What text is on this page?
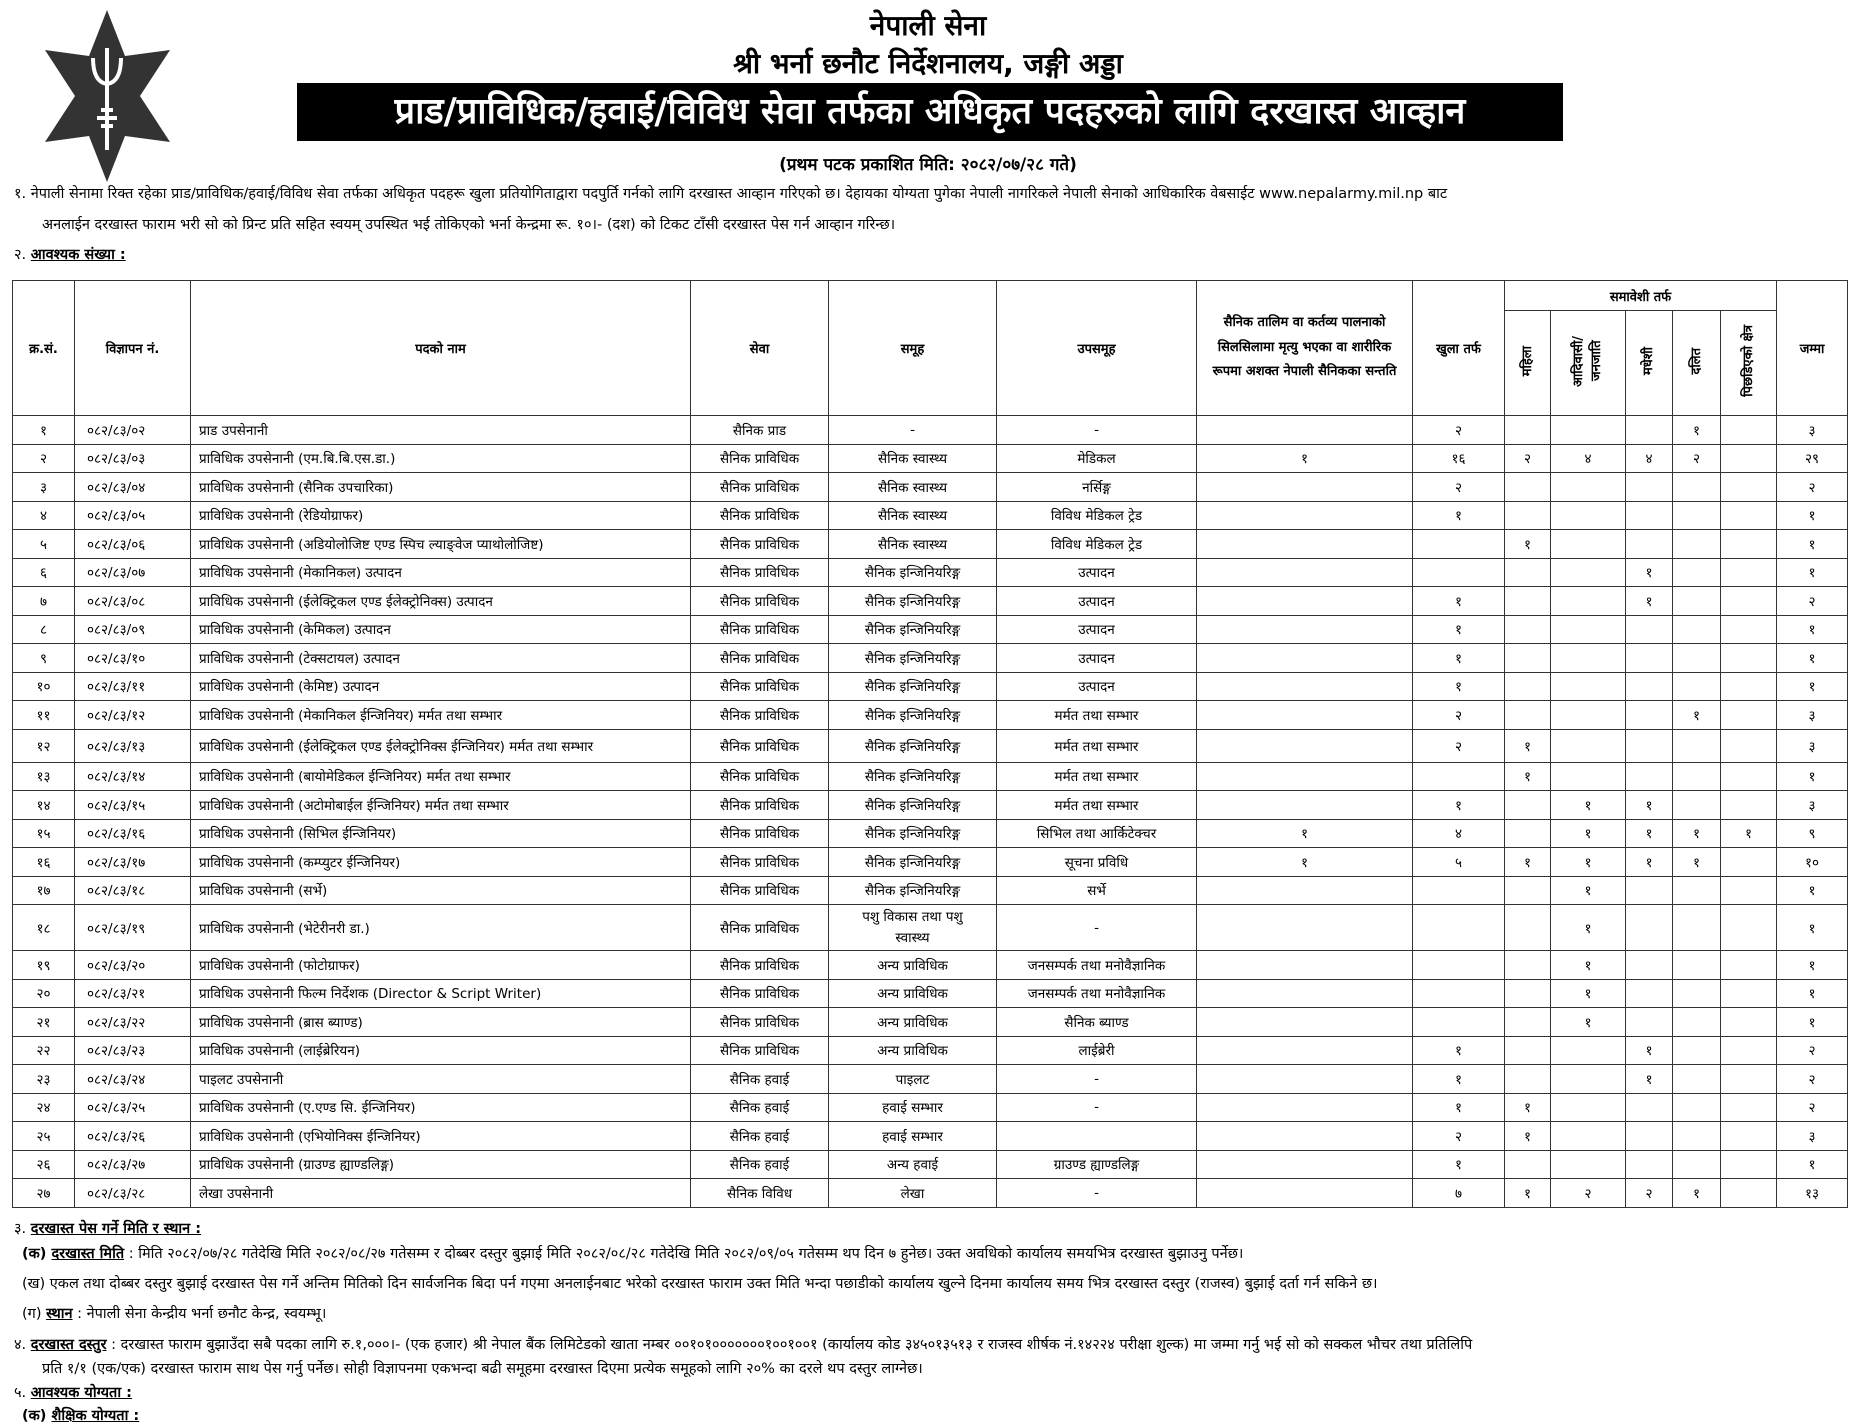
नेपाली सेना
श्री भर्ना छनौट निर्देशनालय, जङ्गी अड्डा
प्राड/प्राविधिक/हवाई/विविध सेवा तर्फका अधिकृत पदहरुको लागि दरखास्त आव्हान
(प्रथम पटक प्रकाशित मिति: २०८२/०७/२८ गते)
१. नेपाली सेनामा रिक्त रहेका प्राड/प्राविधिक/हवाई/विविध सेवा तर्फका अधिकृत पदहरू खुला प्रतियोगिताद्वारा पदपुर्ति गर्नको लागि दरखास्त आव्हान गरिएको छ। देहायका योग्यता पुगेका नेपाली नागरिकले नेपाली सेनाको आधिकारिक वेबसाईट www.nepalarmy.mil.np बाट
अनलाईन दरखास्त फाराम भरी सो को प्रिन्ट प्रति सहित स्वयम् उपस्थित भई तोकिएको भर्ना केन्द्रमा रू. १०।- (दश) को टिकट टाँसी दरखास्त पेस गर्न आव्हान गरिन्छ।
२. आवश्यक संख्या :
क्र.सं.	विज्ञापन नं.	पदको नाम	सेवा	समूह	उपसमूह	सैनिक तालिम वा कर्तव्य पालनाको सिलसिलामा मृत्यु भएका वा शारीरिक रूपमा अशक्त नेपाली सैनिकका सन्तति	खुला तर्फ	समावेशी तर्फ					जम्मा
								महिला	आदिवासी/जनजाति	मधेशी	दलित	पिछडिएको क्षेत्र	
१	०८२/८३/०२	प्राड उपसेनानी	सैनिक प्राड	-	-		२				१		३
२	०८२/८३/०३	प्राविधिक उपसेनानी (एम.बि.बि.एस.डा.)	सैनिक प्राविधिक	सैनिक स्वास्थ्य	मेडिकल	१	१६	२	४	४	२		२९
३	०८२/८३/०४	प्राविधिक उपसेनानी (सैनिक उपचारिका)	सैनिक प्राविधिक	सैनिक स्वास्थ्य	नर्सिङ्ग		२						२
४	०८२/८३/०५	प्राविधिक उपसेनानी (रेडियोग्राफर)	सैनिक प्राविधिक	सैनिक स्वास्थ्य	विविध मेडिकल ट्रेड		१						१
५	०८२/८३/०६	प्राविधिक उपसेनानी (अडियोलोजिष्ट एण्ड स्पिच ल्याङ्वेज प्याथोलोजिष्ट)	सैनिक प्राविधिक	सैनिक स्वास्थ्य	विविध मेडिकल ट्रेड			१					१
६	०८२/८३/०७	प्राविधिक उपसेनानी (मेकानिकल) उत्पादन	सैनिक प्राविधिक	सैनिक इन्जिनियरिङ्ग	उत्पादन					१			१
७	०८२/८३/०८	प्राविधिक उपसेनानी (ईलेक्ट्रिकल एण्ड ईलेक्ट्रोनिक्स) उत्पादन	सैनिक प्राविधिक	सैनिक इन्जिनियरिङ्ग	उत्पादन		१			१			२
८	०८२/८३/०९	प्राविधिक उपसेनानी (केमिकल) उत्पादन	सैनिक प्राविधिक	सैनिक इन्जिनियरिङ्ग	उत्पादन		१						१
९	०८२/८३/१०	प्राविधिक उपसेनानी (टेक्सटायल) उत्पादन	सैनिक प्राविधिक	सैनिक इन्जिनियरिङ्ग	उत्पादन		१						१
१०	०८२/८३/११	प्राविधिक उपसेनानी (केमिष्ट) उत्पादन	सैनिक प्राविधिक	सैनिक इन्जिनियरिङ्ग	उत्पादन		१						१
११	०८२/८३/१२	प्राविधिक उपसेनानी (मेकानिकल ईन्जिनियर) मर्मत तथा सम्भार	सैनिक प्राविधिक	सैनिक इन्जिनियरिङ्ग	मर्मत तथा सम्भार		२				१		३
१२	०८२/८३/१३	प्राविधिक उपसेनानी (ईलेक्ट्रिकल एण्ड ईलेक्ट्रोनिक्स ईन्जिनियर) मर्मत तथा सम्भार	सैनिक प्राविधिक	सैनिक इन्जिनियरिङ्ग	मर्मत तथा सम्भार		२	१					३
१३	०८२/८३/१४	प्राविधिक उपसेनानी (बायोमेडिकल ईन्जिनियर) मर्मत तथा सम्भार	सैनिक प्राविधिक	सैनिक इन्जिनियरिङ्ग	मर्मत तथा सम्भार			१					१
१४	०८२/८३/१५	प्राविधिक उपसेनानी (अटोमोबाईल ईन्जिनियर) मर्मत तथा सम्भार	सैनिक प्राविधिक	सैनिक इन्जिनियरिङ्ग	मर्मत तथा सम्भार		१		१	१			३
१५	०८२/८३/१६	प्राविधिक उपसेनानी (सिभिल ईन्जिनियर)	सैनिक प्राविधिक	सैनिक इन्जिनियरिङ्ग	सिभिल तथा आर्किटेक्चर	१	४		१	१	१	१	९
१६	०८२/८३/१७	प्राविधिक उपसेनानी (कम्प्युटर ईन्जिनियर)	सैनिक प्राविधिक	सैनिक इन्जिनियरिङ्ग	सूचना प्रविधि	१	५	१	१	१	१		१०
१७	०८२/८३/१८	प्राविधिक उपसेनानी (सर्भे)	सैनिक प्राविधिक	सैनिक इन्जिनियरिङ्ग	सर्भे				१				१
१८	०८२/८३/१९	प्राविधिक उपसेनानी (भेटेरीनरी डा.)	सैनिक प्राविधिक	पशु विकास तथा पशु स्वास्थ्य	-				१				१
१९	०८२/८३/२०	प्राविधिक उपसेनानी (फोटोग्राफर)	सैनिक प्राविधिक	अन्य प्राविधिक	जनसम्पर्क तथा मनोवैज्ञानिक				१				१
२०	०८२/८३/२१	प्राविधिक उपसेनानी फिल्म निर्देशक (Director & Script Writer)	सैनिक प्राविधिक	अन्य प्राविधिक	जनसम्पर्क तथा मनोवैज्ञानिक				१				१
२१	०८२/८३/२२	प्राविधिक उपसेनानी (ब्रास ब्याण्ड)	सैनिक प्राविधिक	अन्य प्राविधिक	सैनिक ब्याण्ड				१				१
२२	०८२/८३/२३	प्राविधिक उपसेनानी (लाईब्रेरियन)	सैनिक प्राविधिक	अन्य प्राविधिक	लाईब्रेरी		१			१			२
२३	०८२/८३/२४	पाइलट उपसेनानी	सैनिक हवाई	पाइलट	-		१			१			२
२४	०८२/८३/२५	प्राविधिक उपसेनानी (ए.एण्ड सि. ईन्जिनियर)	सैनिक हवाई	हवाई सम्भार	-		१	१					२
२५	०८२/८३/२६	प्राविधिक उपसेनानी (एभियोनिक्स ईन्जिनियर)	सैनिक हवाई	हवाई सम्भार			२	१					३
२६	०८२/८३/२७	प्राविधिक उपसेनानी (ग्राउण्ड ह्याण्डलिङ्ग)	सैनिक हवाई	अन्य हवाई	ग्राउण्ड ह्याण्डलिङ्ग		१						१
२७	०८२/८३/२८	लेखा उपसेनानी	सैनिक विविध	लेखा	-		७	१	२	२	१		१३
३. दरखास्त पेस गर्ने मिति र स्थान :
(क) दरखास्त मिति : मिति २०८२/०७/२८ गतेदेखि मिति २०८२/०८/२७ गतेसम्म र दोब्बर दस्तुर बुझाई मिति २०८२/०८/२८ गतेदेखि मिति २०८२/०९/०५ गतेसम्म थप दिन ७ हुनेछ। उक्त अवधिको कार्यालय समयभित्र दरखास्त बुझाउनु पर्नेछ।
(ख) एकल तथा दोब्बर दस्तुर बुझाई दरखास्त पेस गर्ने अन्तिम मितिको दिन सार्वजनिक बिदा पर्न गएमा अनलाईनबाट भरेको दरखास्त फाराम उक्त मिति भन्दा पछाडीको कार्यालय खुल्ने दिनमा कार्यालय समय भित्र दरखास्त दस्तुर (राजस्व) बुझाई दर्ता गर्न सकिने छ।
(ग) स्थान : नेपाली सेना केन्द्रीय भर्ना छनौट केन्द्र, स्वयम्भू।
४. दरखास्त दस्तुर : दरखास्त फाराम बुझाउँदा सबै पदका लागि रु.१,०००।- (एक हजार) श्री नेपाल बैंक लिमिटेडको खाता नम्बर ००१०१०००००००१००१००१ (कार्यालय कोड ३४५०१३५१३ र राजस्व शीर्षक नं.१४२२४ परीक्षा शुल्क) मा जम्मा गर्नु भई सो को सक्कल भौचर तथा प्रतिलिपि
प्रति १/१ (एक/एक) दरखास्त फाराम साथ पेस गर्नु पर्नेछ। सोही विज्ञापनमा एकभन्दा बढी समूहमा दरखास्त दिएमा प्रत्येक समूहको लागि २०% का दरले थप दस्तुर लाग्नेछ।
५. आवश्यक योग्यता :
(क) शैक्षिक योग्यता :
